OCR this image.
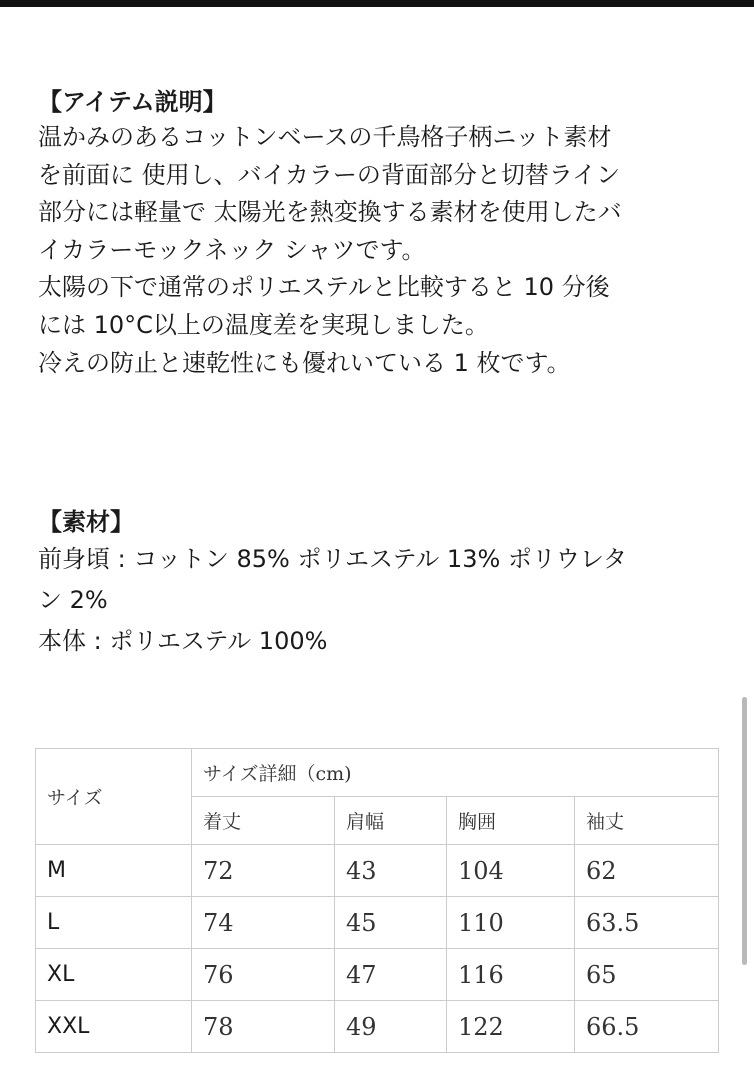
【アイテム説明】
温かみのあるコットンベースの千鳥格子柄ニット素材
を前面に 使用し、バイカラーの背面部分と切替ライン
部分には軽量で 太陽光を熱変換する素材を使用したバ
イカラーモックネック シャツです。
太陽の下で通常のポリエステルと比較すると 10 分後
には 10°C以上の温度差を実現しました。
冷えの防止と速乾性にも優れいている 1 枚です。
【素材】
前身頃 : コットン 85% ポリエステル 13% ポリウレタ
ン 2%
本体 : ポリエステル 100%
サイズ	サイズ詳細（cm)			
	着丈	肩幅	胸囲	袖丈
M	72	43	104	62
L	74	45	110	63.5
XL	76	47	116	65
XXL	78	49	122	66.5
